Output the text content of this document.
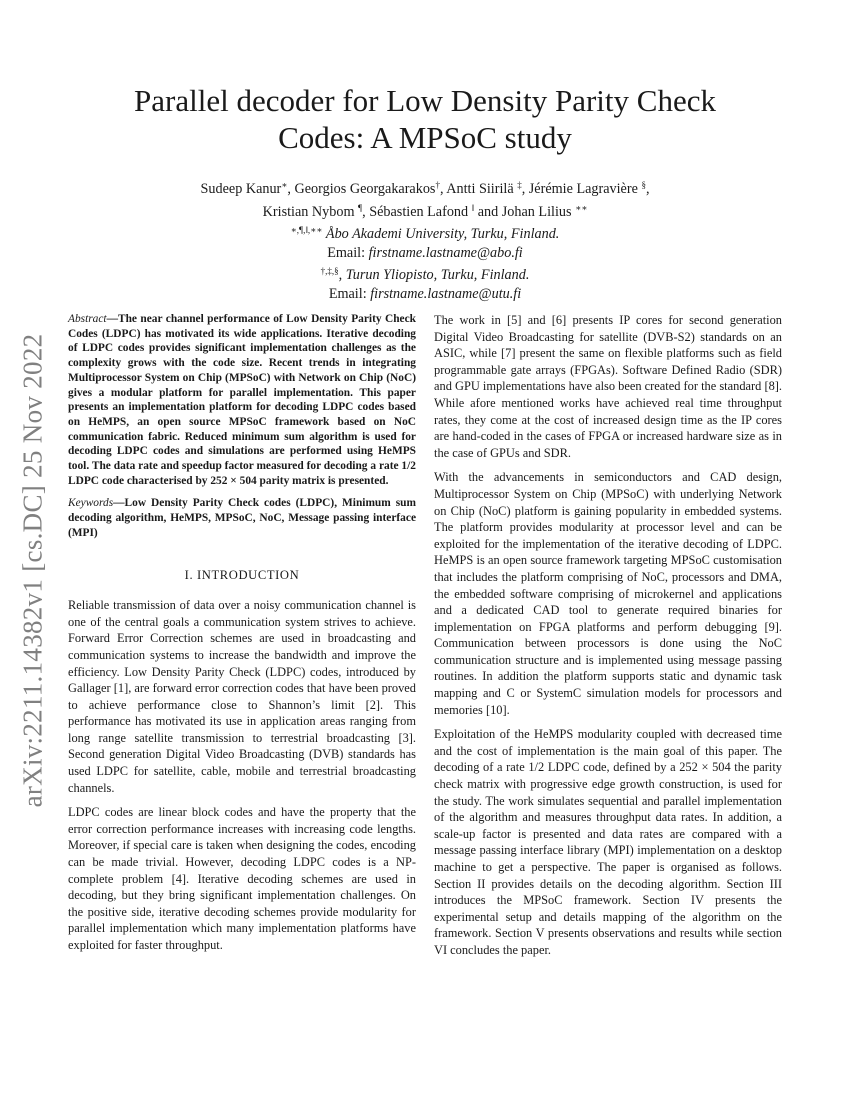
arXiv:2211.14382v1 [cs.DC] 25 Nov 2022
Parallel decoder for Low Density Parity Check
Codes: A MPSoC study
Sudeep Kanur∗, Georgios Georgakarakos†, Antti Siirilä ‡, Jérémie Lagravière §,
Kristian Nybom ¶, Sébastien Lafond ‖ and Johan Lilius ∗∗
∗,¶,‖,∗∗ Åbo Akademi University, Turku, Finland.
Email: firstname.lastname@abo.fi
†,‡,§, Turun Yliopisto, Turku, Finland.
Email: firstname.lastname@utu.fi

Abstract—The near channel performance of Low Density Parity Check Codes (LDPC) has motivated its wide applications. Iterative decoding of LDPC codes provides significant implementation challenges as the complexity grows with the code size. Recent trends in integrating Multiprocessor System on Chip (MPSoC) with Network on Chip (NoC) gives a modular platform for parallel implementation. This paper presents an implementation platform for decoding LDPC codes based on HeMPS, an open source MPSoC framework based on NoC communication fabric. Reduced minimum sum algorithm is used for decoding LDPC codes and simulations are performed using HeMPS tool. The data rate and speedup factor measured for decoding a rate 1/2 LDPC code characterised by 252 × 504 parity matrix is presented.

Keywords—Low Density Parity Check codes (LDPC), Minimum sum decoding algorithm, HeMPS, MPSoC, NoC, Message passing interface (MPI)

I. INTRODUCTION

Reliable transmission of data over a noisy communication channel is one of the central goals a communication system strives to achieve. Forward Error Correction schemes are used in broadcasting and communication systems to increase the bandwidth and improve the efficiency. Low Density Parity Check (LDPC) codes, introduced by Gallager [1], are forward error correction codes that have been proved to achieve performance close to Shannon’s limit [2]. This performance has motivated its use in application areas ranging from long range satellite transmission to terrestrial broadcasting [3]. Second generation Digital Video Broadcasting (DVB) standards has used LDPC for satellite, cable, mobile and terrestrial broadcasting channels.

LDPC codes are linear block codes and have the property that the error correction performance increases with increasing code lengths. Moreover, if special care is taken when designing the codes, encoding can be made trivial. However, decoding LDPC codes is a NP-complete problem [4]. Iterative decoding schemes are used in decoding, but they bring significant implementation challenges. On the positive side, iterative decoding schemes provide modularity for parallel implementation which many implementation platforms have exploited for faster throughput.

The work in [5] and [6] presents IP cores for second generation Digital Video Broadcasting for satellite (DVB-S2) standards on an ASIC, while [7] present the same on flexible platforms such as field programmable gate arrays (FPGAs). Software Defined Radio (SDR) and GPU implementations have also been created for the standard [8]. While afore mentioned works have achieved real time throughput rates, they come at the cost of increased design time as the IP cores are hand-coded in the cases of FPGA or increased hardware size as in the case of GPUs and SDR.

With the advancements in semiconductors and CAD design, Multiprocessor System on Chip (MPSoC) with underlying Network on Chip (NoC) platform is gaining popularity in embedded systems. The platform provides modularity at processor level and can be exploited for the implementation of the iterative decoding of LDPC. HeMPS is an open source framework targeting MPSoC customisation that includes the platform comprising of NoC, processors and DMA, the embedded software comprising of microkernel and applications and a dedicated CAD tool to generate required binaries for implementation on FPGA platforms and perform debugging [9]. Communication between processors is done using the NoC communication structure and is implemented using message passing routines. In addition the platform supports static and dynamic task mapping and C or SystemC simulation models for processors and memories [10].

Exploitation of the HeMPS modularity coupled with decreased time and the cost of implementation is the main goal of this paper. The decoding of a rate 1/2 LDPC code, defined by a 252 × 504 the parity check matrix with progressive edge growth construction, is used for the study. The work simulates sequential and parallel implementation of the algorithm and measures throughput data rates. In addition, a scale-up factor is presented and data rates are compared with a message passing interface library (MPI) implementation on a desktop machine to get a perspective. The paper is organised as follows. Section II provides details on the decoding algorithm. Section III introduces the MPSoC framework. Section IV presents the experimental setup and details mapping of the algorithm on the framework. Section V presents observations and results while section VI concludes the paper.
